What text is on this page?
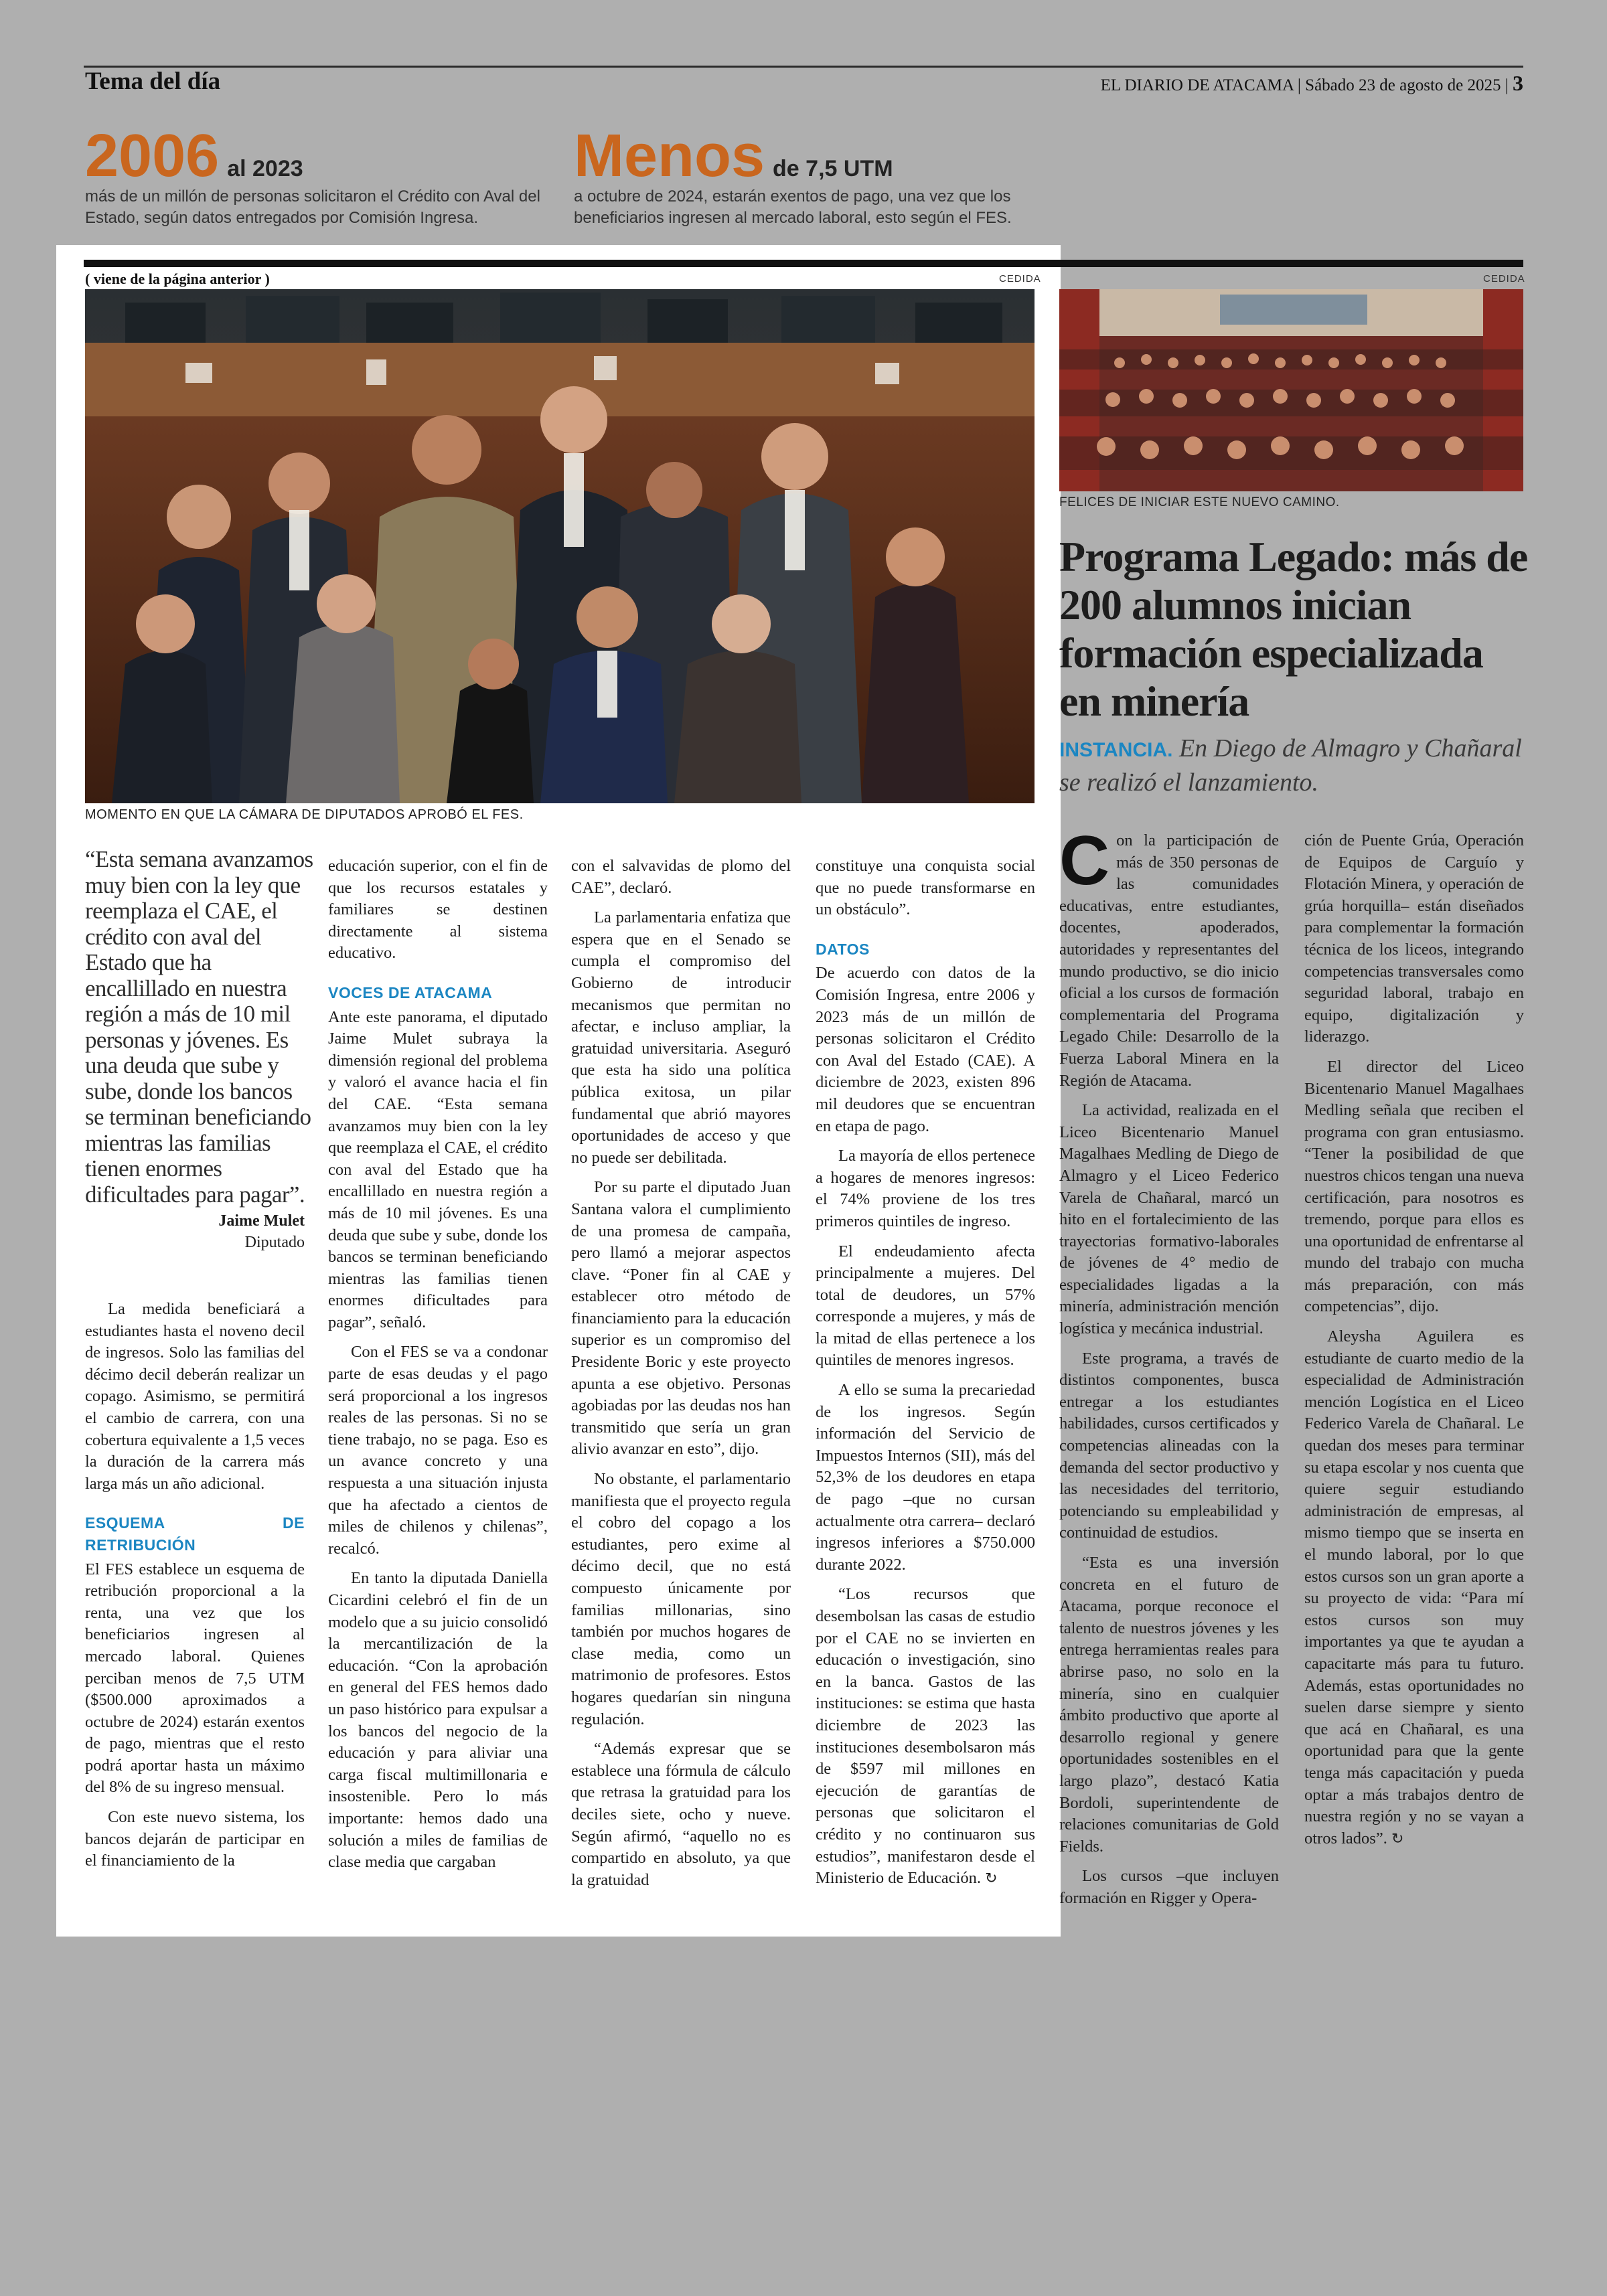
Tema del día	EL DIARIO DE ATACAMA | Sábado 23 de agosto de 2025 | 3
2006 al 2023
más de un millón de personas solicitaron el Crédito con Aval del Estado, según datos entregados por Comisión Ingresa.
Menos de 7,5 UTM
a octubre de 2024, estarán exentos de pago, una vez que los beneficiarios ingresen al mercado laboral, esto según el FES.
( viene de la página anterior )	CEDIDA	CEDIDA
MOMENTO EN QUE LA CÁMARA DE DIPUTADOS APROBÓ EL FES.
“Esta semana avanzamos muy bien con la ley que reemplaza el CAE, el crédito con aval del Estado que ha encallillado en nuestra región a más de 10 mil personas y jóvenes. Es una deuda que sube y sube, donde los bancos se terminan beneficiando mientras las familias tienen enormes dificultades para pagar”.
Jaime Mulet
Diputado

La medida beneficiará a estudiantes hasta el noveno decil de ingresos. Solo las familias del décimo decil deberán realizar un copago. Asimismo, se permitirá el cambio de carrera, con una cobertura equivalente a 1,5 veces la duración de la carrera más larga más un año adicional.

ESQUEMA DE RETRIBUCIÓN

El FES establece un esquema de retribución proporcional a la renta, una vez que los beneficiarios ingresen al mercado laboral. Quienes perciban menos de 7,5 UTM ($500.000 aproximados a octubre de 2024) estarán exentos de pago, mientras que el resto podrá aportar hasta un máximo del 8% de su ingreso mensual.

Con este nuevo sistema, los bancos dejarán de participar en el financiamiento de la

educación superior, con el fin de que los recursos estatales y familiares se destinen directamente al sistema educativo.

VOCES DE ATACAMA

Ante este panorama, el diputado Jaime Mulet subraya la dimensión regional del problema y valoró el avance hacia el fin del CAE. “Esta semana avanzamos muy bien con la ley que reemplaza el CAE, el crédito con aval del Estado que ha encallillado en nuestra región a más de 10 mil jóvenes. Es una deuda que sube y sube, donde los bancos se terminan beneficiando mientras las familias tienen enormes dificultades para pagar”, señaló.

Con el FES se va a condonar parte de esas deudas y el pago será proporcional a los ingresos reales de las personas. Si no se tiene trabajo, no se paga. Eso es un avance concreto y una respuesta a una situación injusta que ha afectado a cientos de miles de chilenos y chilenas”, recalcó.

En tanto la diputada Daniella Cicardini celebró el fin de un modelo que a su juicio consolidó la mercantilización de la educación. “Con la aprobación en general del FES hemos dado un paso histórico para expulsar a los bancos del negocio de la educación y para aliviar una carga fiscal multimillonaria e insostenible. Pero lo más importante: hemos dado una solución a miles de familias de clase media que cargaban

con el salvavidas de plomo del CAE”, declaró.

La parlamentaria enfatiza que espera que en el Senado se cumpla el compromiso del Gobierno de introducir mecanismos que permitan no afectar, e incluso ampliar, la gratuidad universitaria. Aseguró que esta ha sido una política pública exitosa, un pilar fundamental que abrió mayores oportunidades de acceso y que no puede ser debilitada.

Por su parte el diputado Juan Santana valora el cumplimiento de una promesa de campaña, pero llamó a mejorar aspectos clave. “Poner fin al CAE y establecer otro método de financiamiento para la educación superior es un compromiso del Presidente Boric y este proyecto apunta a ese objetivo. Personas agobiadas por las deudas nos han transmitido que sería un gran alivio avanzar en esto”, dijo.

No obstante, el parlamentario manifiesta que el proyecto regula el cobro del copago a los estudiantes, pero exime al décimo decil, que no está compuesto únicamente por familias millonarias, sino también por muchos hogares de clase media, como un matrimonio de profesores. Estos hogares quedarían sin ninguna regulación.

“Además expresar que se establece una fórmula de cálculo que retrasa la gratuidad para los deciles siete, ocho y nueve. Según afirmó, “aquello no es compartido en absoluto, ya que la gratuidad

constituye una conquista social que no puede transformarse en un obstáculo”.

DATOS

De acuerdo con datos de la Comisión Ingresa, entre 2006 y 2023 más de un millón de personas solicitaron el Crédito con Aval del Estado (CAE). A diciembre de 2023, existen 896 mil deudores que se encuentran en etapa de pago.

La mayoría de ellos pertenece a hogares de menores ingresos: el 74% proviene de los tres primeros quintiles de ingreso.

El endeudamiento afecta principalmente a mujeres. Del total de deudores, un 57% corresponde a mujeres, y más de la mitad de ellas pertenece a los quintiles de menores ingresos.

A ello se suma la precariedad de los ingresos. Según información del Servicio de Impuestos Internos (SII), más del 52,3% de los deudores en etapa de pago –que no cursan actualmente otra carrera– declaró ingresos inferiores a $750.000 durante 2022.

“Los recursos que desembolsan las casas de estudio por el CAE no se invierten en educación o investigación, sino en la banca. Gastos de las instituciones: se estima que hasta diciembre de 2023 las instituciones desembolsaron más de $597 mil millones en ejecución de garantías de personas que solicitaron el crédito y no continuaron sus estudios”, manifestaron desde el Ministerio de Educación. ↻

FELICES DE INICIAR ESTE NUEVO CAMINO.
Programa Legado: más de 200 alumnos inician formación especializada en minería
INSTANCIA. En Diego de Almagro y Chañaral se realizó el lanzamiento.

Con la participación de más de 350 personas de las comunidades educativas, entre estudiantes, docentes, apoderados, autoridades y representantes del mundo productivo, se dio inicio oficial a los cursos de formación complementaria del Programa Legado Chile: Desarrollo de la Fuerza Laboral Minera en la Región de Atacama.

La actividad, realizada en el Liceo Bicentenario Manuel Magalhaes Medling de Diego de Almagro y el Liceo Federico Varela de Chañaral, marcó un hito en el fortalecimiento de las trayectorias formativo-laborales de jóvenes de 4° medio de especialidades ligadas a la minería, administración mención logística y mecánica industrial.

Este programa, a través de distintos componentes, busca entregar a los estudiantes habilidades, cursos certificados y competencias alineadas con la demanda del sector productivo y las necesidades del territorio, potenciando su empleabilidad y continuidad de estudios.

“Esta es una inversión concreta en el futuro de Atacama, porque reconoce el talento de nuestros jóvenes y les entrega herramientas reales para abrirse paso, no solo en la minería, sino en cualquier ámbito productivo que aporte al desarrollo regional y genere oportunidades sostenibles en el largo plazo”, destacó Katia Bordoli, superintendente de relaciones comunitarias de Gold Fields.

Los cursos –que incluyen formación en Rigger y Opera-

ción de Puente Grúa, Operación de Equipos de Carguío y Flotación Minera, y operación de grúa horquilla– están diseñados para complementar la formación técnica de los liceos, integrando competencias transversales como seguridad laboral, trabajo en equipo, digitalización y liderazgo.

El director del Liceo Bicentenario Manuel Magalhaes Medling señala que reciben el programa con gran entusiasmo. “Tener la posibilidad de que nuestros chicos tengan una nueva certificación, para nosotros es tremendo, porque para ellos es una oportunidad de enfrentarse al mundo del trabajo con mucha más preparación, con más competencias”, dijo.

Aleysha Aguilera es estudiante de cuarto medio de la especialidad de Administración mención Logística en el Liceo Federico Varela de Chañaral. Le quedan dos meses para terminar su etapa escolar y nos cuenta que quiere seguir estudiando administración de empresas, al mismo tiempo que se inserta en el mundo laboral, por lo que estos cursos son un gran aporte a su proyecto de vida: “Para mí estos cursos son muy importantes ya que te ayudan a capacitarte más para tu futuro. Además, estas oportunidades no suelen darse siempre y siento que acá en Chañaral, es una oportunidad para que la gente tenga más capacitación y pueda optar a más trabajos dentro de nuestra región y no se vayan a otros lados”. ↻
